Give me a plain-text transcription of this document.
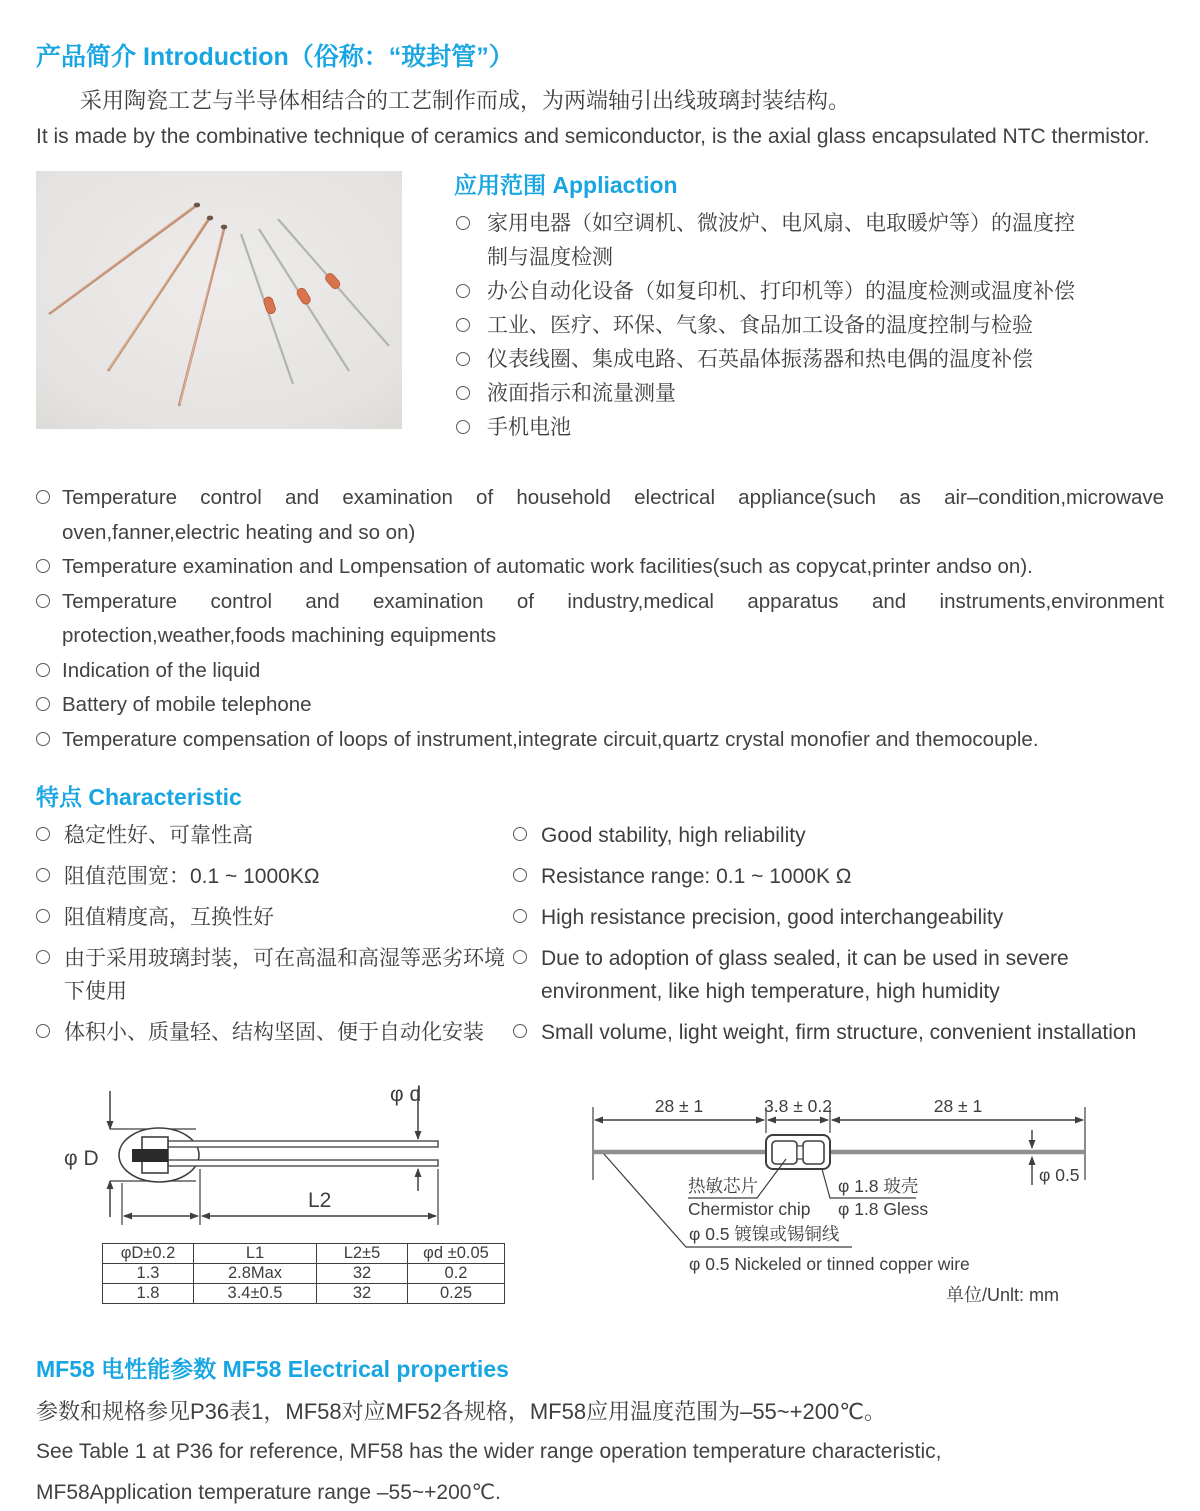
产品简介 Introduction（俗称：“玻封管”）

采用陶瓷工艺与半导体相结合的工艺制作而成，为两端轴引出线玻璃封装结构。

It is made by the combinative technique of ceramics and semiconductor, is the axial glass encapsulated NTC thermistor.

应用范围 Appliaction
家用电器（如空调机、微波炉、电风扇、电取暖炉等）的温度控制与温度检测
办公自动化设备（如复印机、打印机等）的温度检测或温度补偿
工业、医疗、环保、气象、食品加工设备的温度控制与检验
仪表线圈、集成电路、石英晶体振荡器和热电偶的温度补偿
液面指示和流量测量
手机电池
Temperature control and examination of household electrical appliance(such as air–condition,microwave oven,fanner,electric heating and so on)
Temperature examination and Lompensation of automatic work facilities(such as copycat,printer andso on).
Temperature control and examination of industry,medical apparatus and instruments,environment protection,weather,foods machining equipments
Indication of the liquid
Battery of mobile telephone
Temperature compensation of loops of instrument,integrate circuit,quartz crystal monofier and themocouple.
特点 Characteristic
稳定性好、可靠性高
阻值范围宽：0.1 ~ 1000KΩ
阻值精度高，互换性好
由于采用玻璃封装，可在高温和高湿等恶劣环境下使用
体积小、质量轻、结构坚固、便于自动化安装
Good stability, high reliability
Resistance range: 0.1 ~ 1000K Ω
High resistance precision, good interchangeability
Due to adoption of glass sealed, it can be used in severe environment, like high temperature, high humidity
Small volume, light weight, firm structure, convenient installation
φ D
φ d
L2
φD±0.2	L1	L2±5	φd ±0.05
1.3	2.8Max	32	0.2
1.8	3.4±0.5	32	0.25
28 ± 1	3.8 ± 0.2	28 ± 1
φ 0.5
热敏芯片
Chermistor chip
φ 1.8 玻壳
φ 1.8 Gless
φ 0.5 镀镍或锡铜线
φ 0.5 Nickeled or tinned copper wire
单位/Unlt: mm
MF58 电性能参数 MF58 Electrical properties

参数和规格参见P36表1，MF58对应MF52各规格，MF58应用温度范围为–55~+200℃。

See Table 1 at P36 for reference, MF58 has the wider range operation temperature characteristic,

MF58Application temperature range –55~+200℃.
